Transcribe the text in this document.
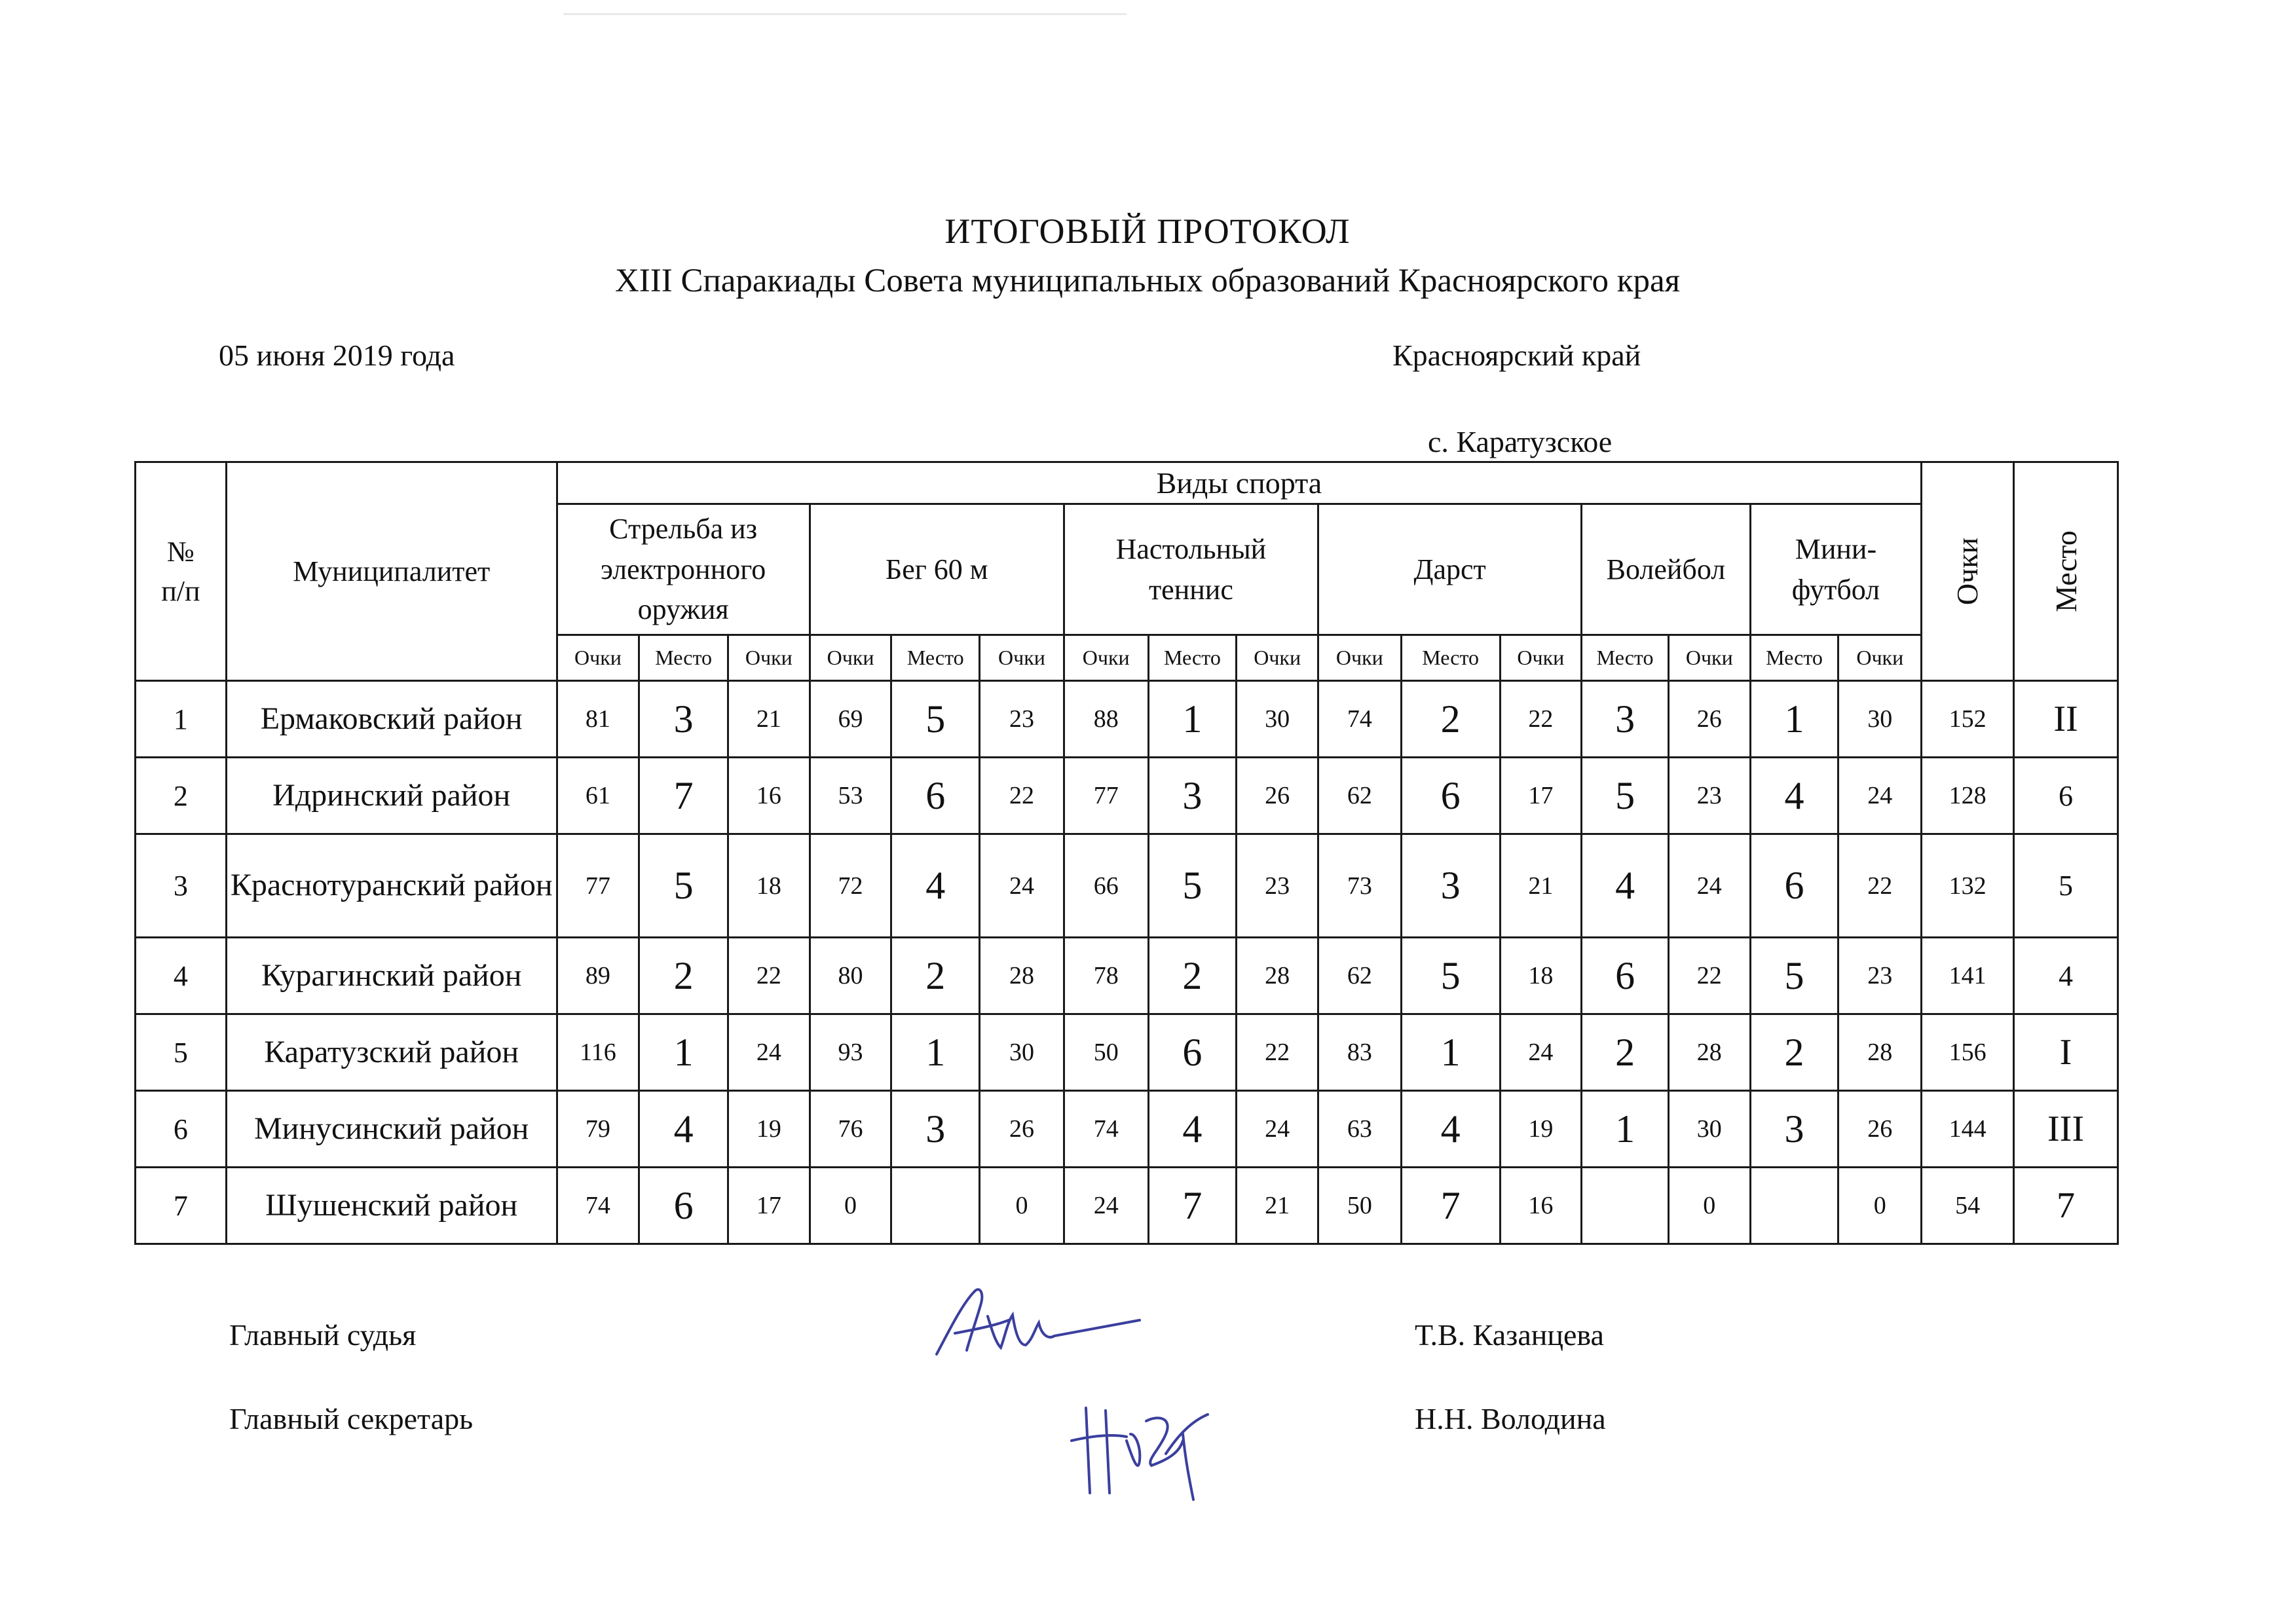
ИТОГОВЫЙ ПРОТОКОЛ
XIII Спаракиады Совета муниципальных образований Красноярского края
05 июня 2019 года	Красноярский край
с. Каратузское
№ п/п	Муниципалитет	Виды спорта																Очки	Место
		Стрельба из электронного оружия			Бег 60 м			Настольный теннис			Дарст			Волейбол		Мини-футбол			
		Очки	Место	Очки	Очки	Место	Очки	Очки	Место	Очки	Очки	Место	Очки	Место	Очки	Место	Очки		
1	Ермаковский район	81	3	21	69	5	23	88	1	30	74	2	22	3	26	1	30	152	II
2	Идринский район	61	7	16	53	6	22	77	3	26	62	6	17	5	23	4	24	128	6
3	Краснотуранский район	77	5	18	72	4	24	66	5	23	73	3	21	4	24	6	22	132	5
4	Курагинский район	89	2	22	80	2	28	78	2	28	62	5	18	6	22	5	23	141	4
5	Каратузский район	116	1	24	93	1	30	50	6	22	83	1	24	2	28	2	28	156	I
6	Минусинский район	79	4	19	76	3	26	74	4	24	63	4	19	1	30	3	26	144	III
7	Шушенский район	74	6	17	0		0	24	7	21	50	7	16		0		0	54	7
Главный судья	Т.В. Казанцева
Главный секретарь	Н.Н. Володина
